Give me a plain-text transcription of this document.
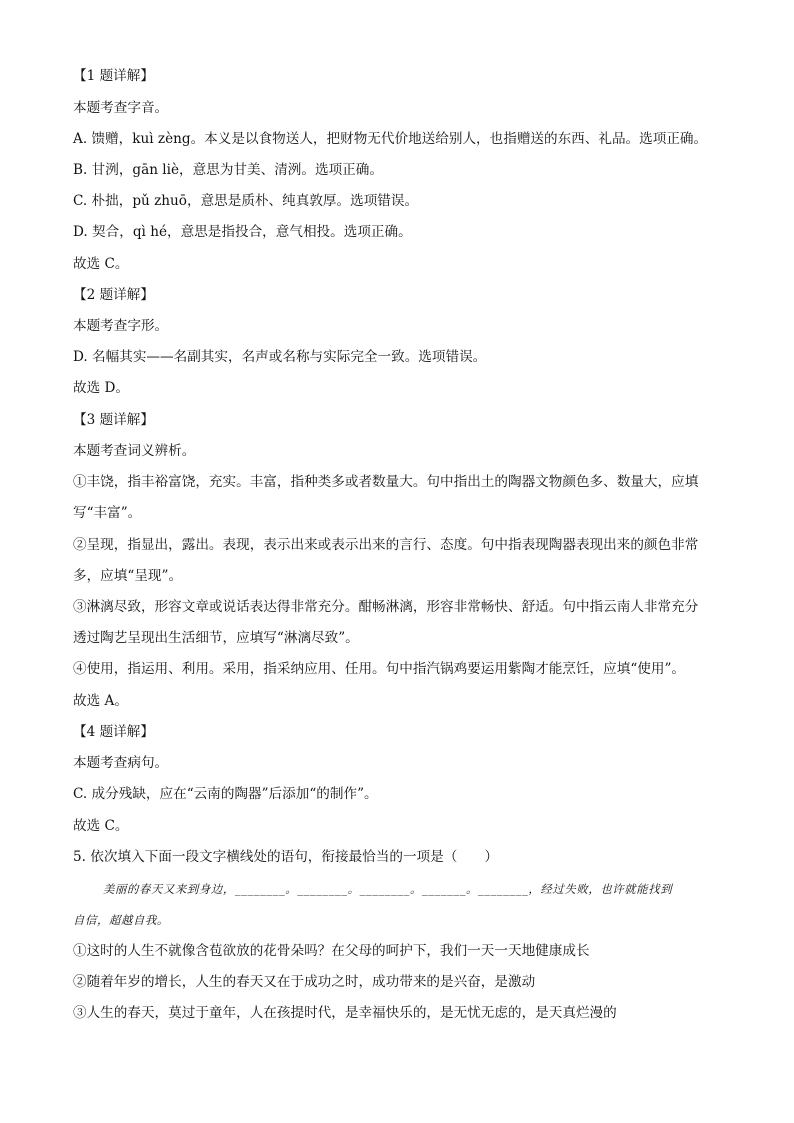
【1 题详解】
本题考查字音。
A. 馈赠，kuì zèng。本义是以食物送人，把财物无代价地送给别人，也指赠送的东西、礼品。选项正确。
B. 甘洌，gān liè，意思为甘美、清洌。选项正确。
C. 朴拙，pǔ zhuō，意思是质朴、纯真敦厚。选项错误。
D. 契合，qì hé，意思是指投合，意气相投。选项正确。
故选 C。
【2 题详解】
本题考查字形。
D. 名幅其实——名副其实，名声或名称与实际完全一致。选项错误。
故选 D。
【3 题详解】
本题考查词义辨析。
①丰饶，指丰裕富饶，充实。丰富，指种类多或者数量大。句中指出土的陶器文物颜色多、数量大，应填
写“丰富”。
②呈现，指显出，露出。表现，表示出来或表示出来的言行、态度。句中指表现陶器表现出来的颜色非常
多，应填“呈现”。
③淋漓尽致，形容文章或说话表达得非常充分。酣畅淋漓，形容非常畅快、舒适。句中指云南人非常充分
透过陶艺呈现出生活细节，应填写“淋漓尽致”。
④使用，指运用、利用。采用，指采纳应用、任用。句中指汽锅鸡要运用紫陶才能烹饪，应填“使用”。
故选 A。
【4 题详解】
本题考查病句。
C. 成分残缺，应在“云南的陶器”后添加“的制作”。
故选 C。
5. 依次填入下面一段文字横线处的语句，衔接最恰当的一项是（　　）
美丽的春天又来到身边，________。________。________。_______。________，经过失败，也许就能找到
自信，超越自我。
①这时的人生不就像含苞欲放的花骨朵吗？在父母的呵护下，我们一天一天地健康成长
②随着年岁的增长，人生的春天又在于成功之时，成功带来的是兴奋，是激动
③人生的春天，莫过于童年，人在孩提时代，是幸福快乐的，是无忧无虑的，是天真烂漫的
